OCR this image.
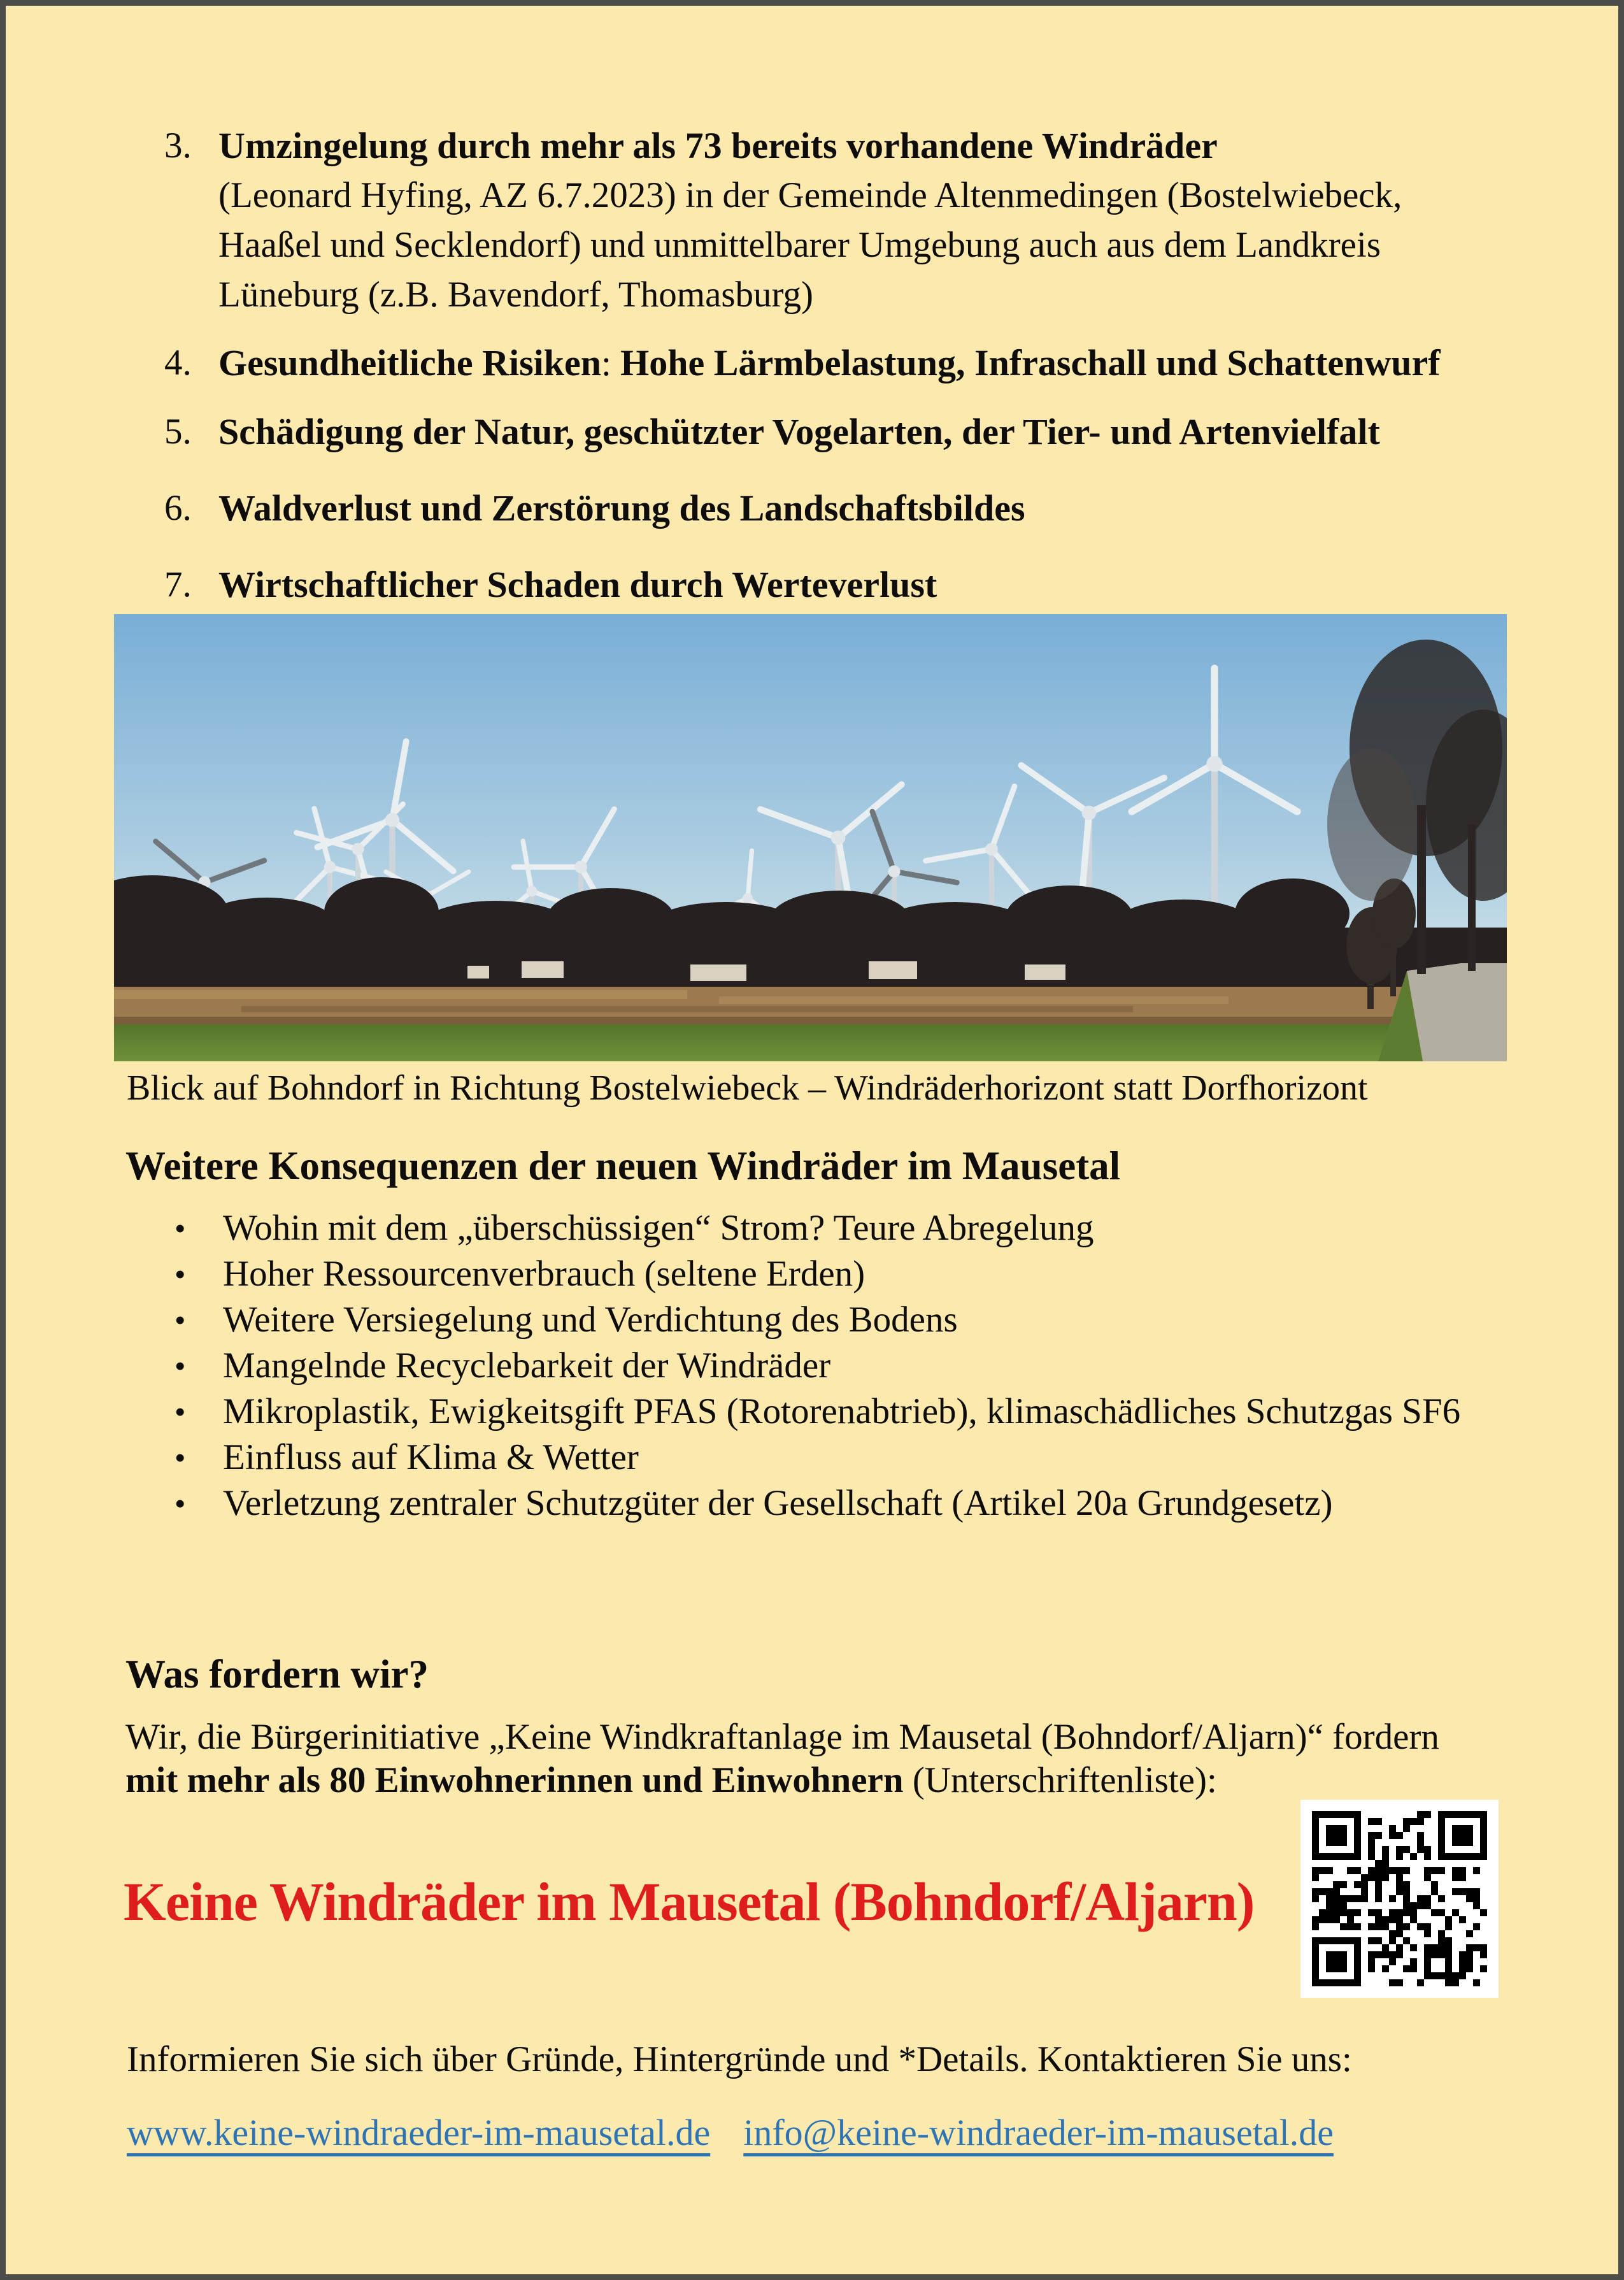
3. Umzingelung durch mehr als 73 bereits vorhandene Windräder
(Leonard Hyfing, AZ 6.7.2023) in der Gemeinde Altenmedingen (Bostelwiebeck, Haaßel und Secklendorf) und unmittelbarer Umgebung auch aus dem Landkreis Lüneburg (z.B. Bavendorf, Thomasburg)
4. Gesundheitliche Risiken: Hohe Lärmbelastung, Infraschall und Schattenwurf
5. Schädigung der Natur, geschützter Vogelarten, der Tier- und Artenvielfalt
6. Waldverlust und Zerstörung des Landschaftsbildes
7. Wirtschaftlicher Schaden durch Werteverlust
Blick auf Bohndorf in Richtung Bostelwiebeck – Windräderhorizont statt Dorfhorizont
Weitere Konsequenzen der neuen Windräder im Mausetal
•	Wohin mit dem „überschüssigen“ Strom? Teure Abregelung
•	Hoher Ressourcenverbrauch (seltene Erden)
•	Weitere Versiegelung und Verdichtung des Bodens
•	Mangelnde Recyclebarkeit der Windräder
•	Mikroplastik, Ewigkeitsgift PFAS (Rotorenabtrieb), klimaschädliches Schutzgas SF6
•	Einfluss auf Klima & Wetter
•	Verletzung zentraler Schutzgüter der Gesellschaft (Artikel 20a Grundgesetz)
Was fordern wir?
Wir, die Bürgerinitiative „Keine Windkraftanlage im Mausetal (Bohndorf/Aljarn)“ fordern
mit mehr als 80 Einwohnerinnen und Einwohnern (Unterschriftenliste):
Keine Windräder im Mausetal (Bohndorf/Aljarn)
Informieren Sie sich über Gründe, Hintergründe und *Details. Kontaktieren Sie uns:
www.keine-windraeder-im-mausetal.de info@keine-windraeder-im-mausetal.de
